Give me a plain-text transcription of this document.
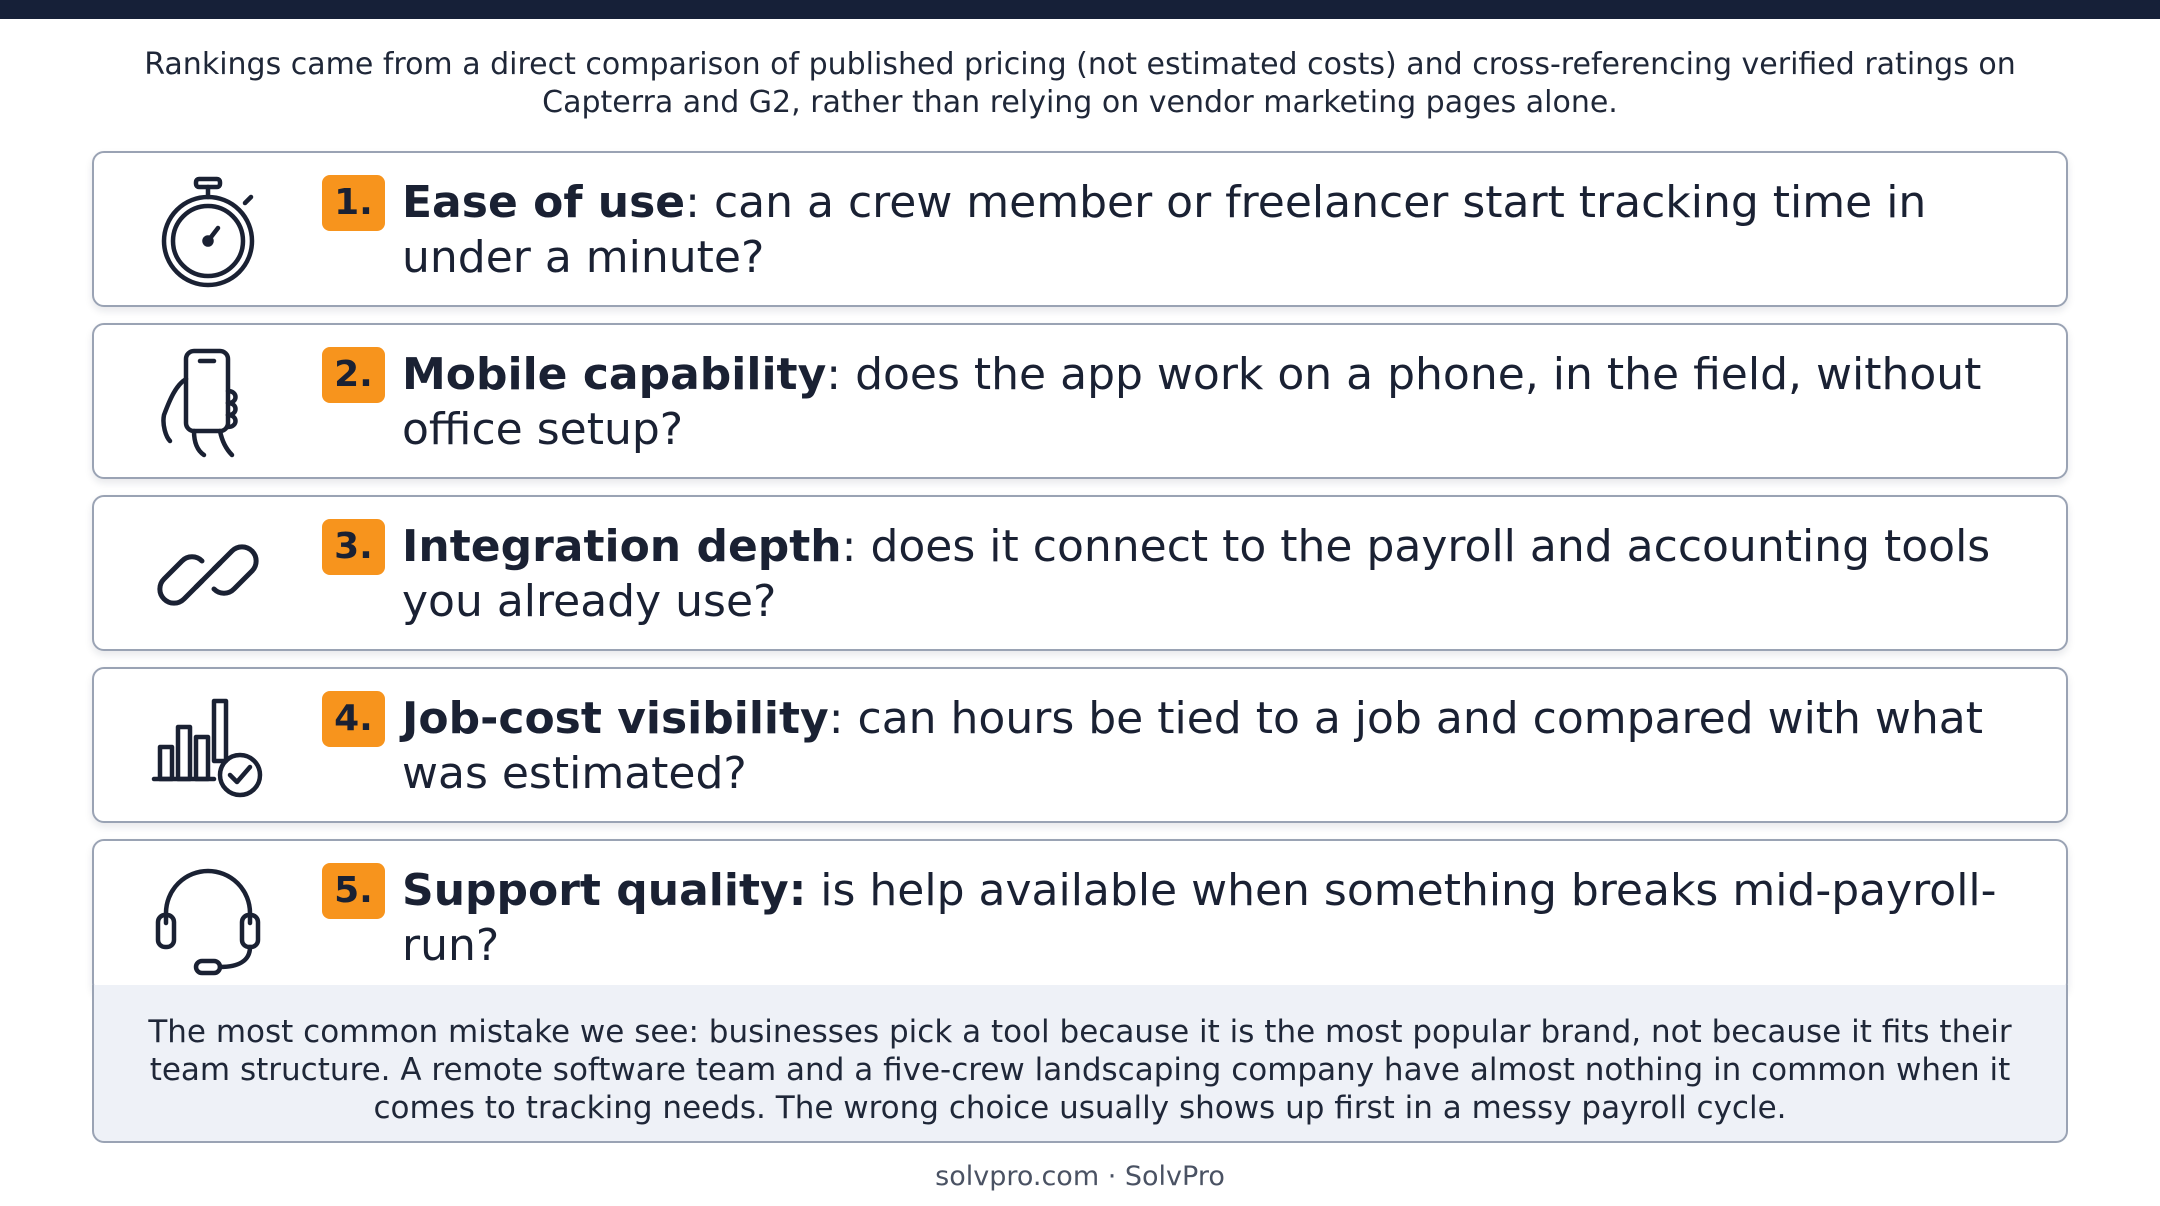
Rankings came from a direct comparison of published pricing (not estimated costs) and cross-referencing verified ratings on Capterra and G2, rather than relying on vendor marketing pages alone.
1. Ease of use: can a crew member or freelancer start tracking time in under a minute?
2. Mobile capability: does the app work on a phone, in the field, without office setup?
3. Integration depth: does it connect to the payroll and accounting tools you already use?
4. Job-cost visibility: can hours be tied to a job and compared with what was estimated?
5. Support quality: is help available when something breaks mid-payroll-run?
The most common mistake we see: businesses pick a tool because it is the most popular brand, not because it fits their team structure. A remote software team and a five-crew landscaping company have almost nothing in common when it comes to tracking needs. The wrong choice usually shows up first in a messy payroll cycle.
solvpro.com · SolvPro
